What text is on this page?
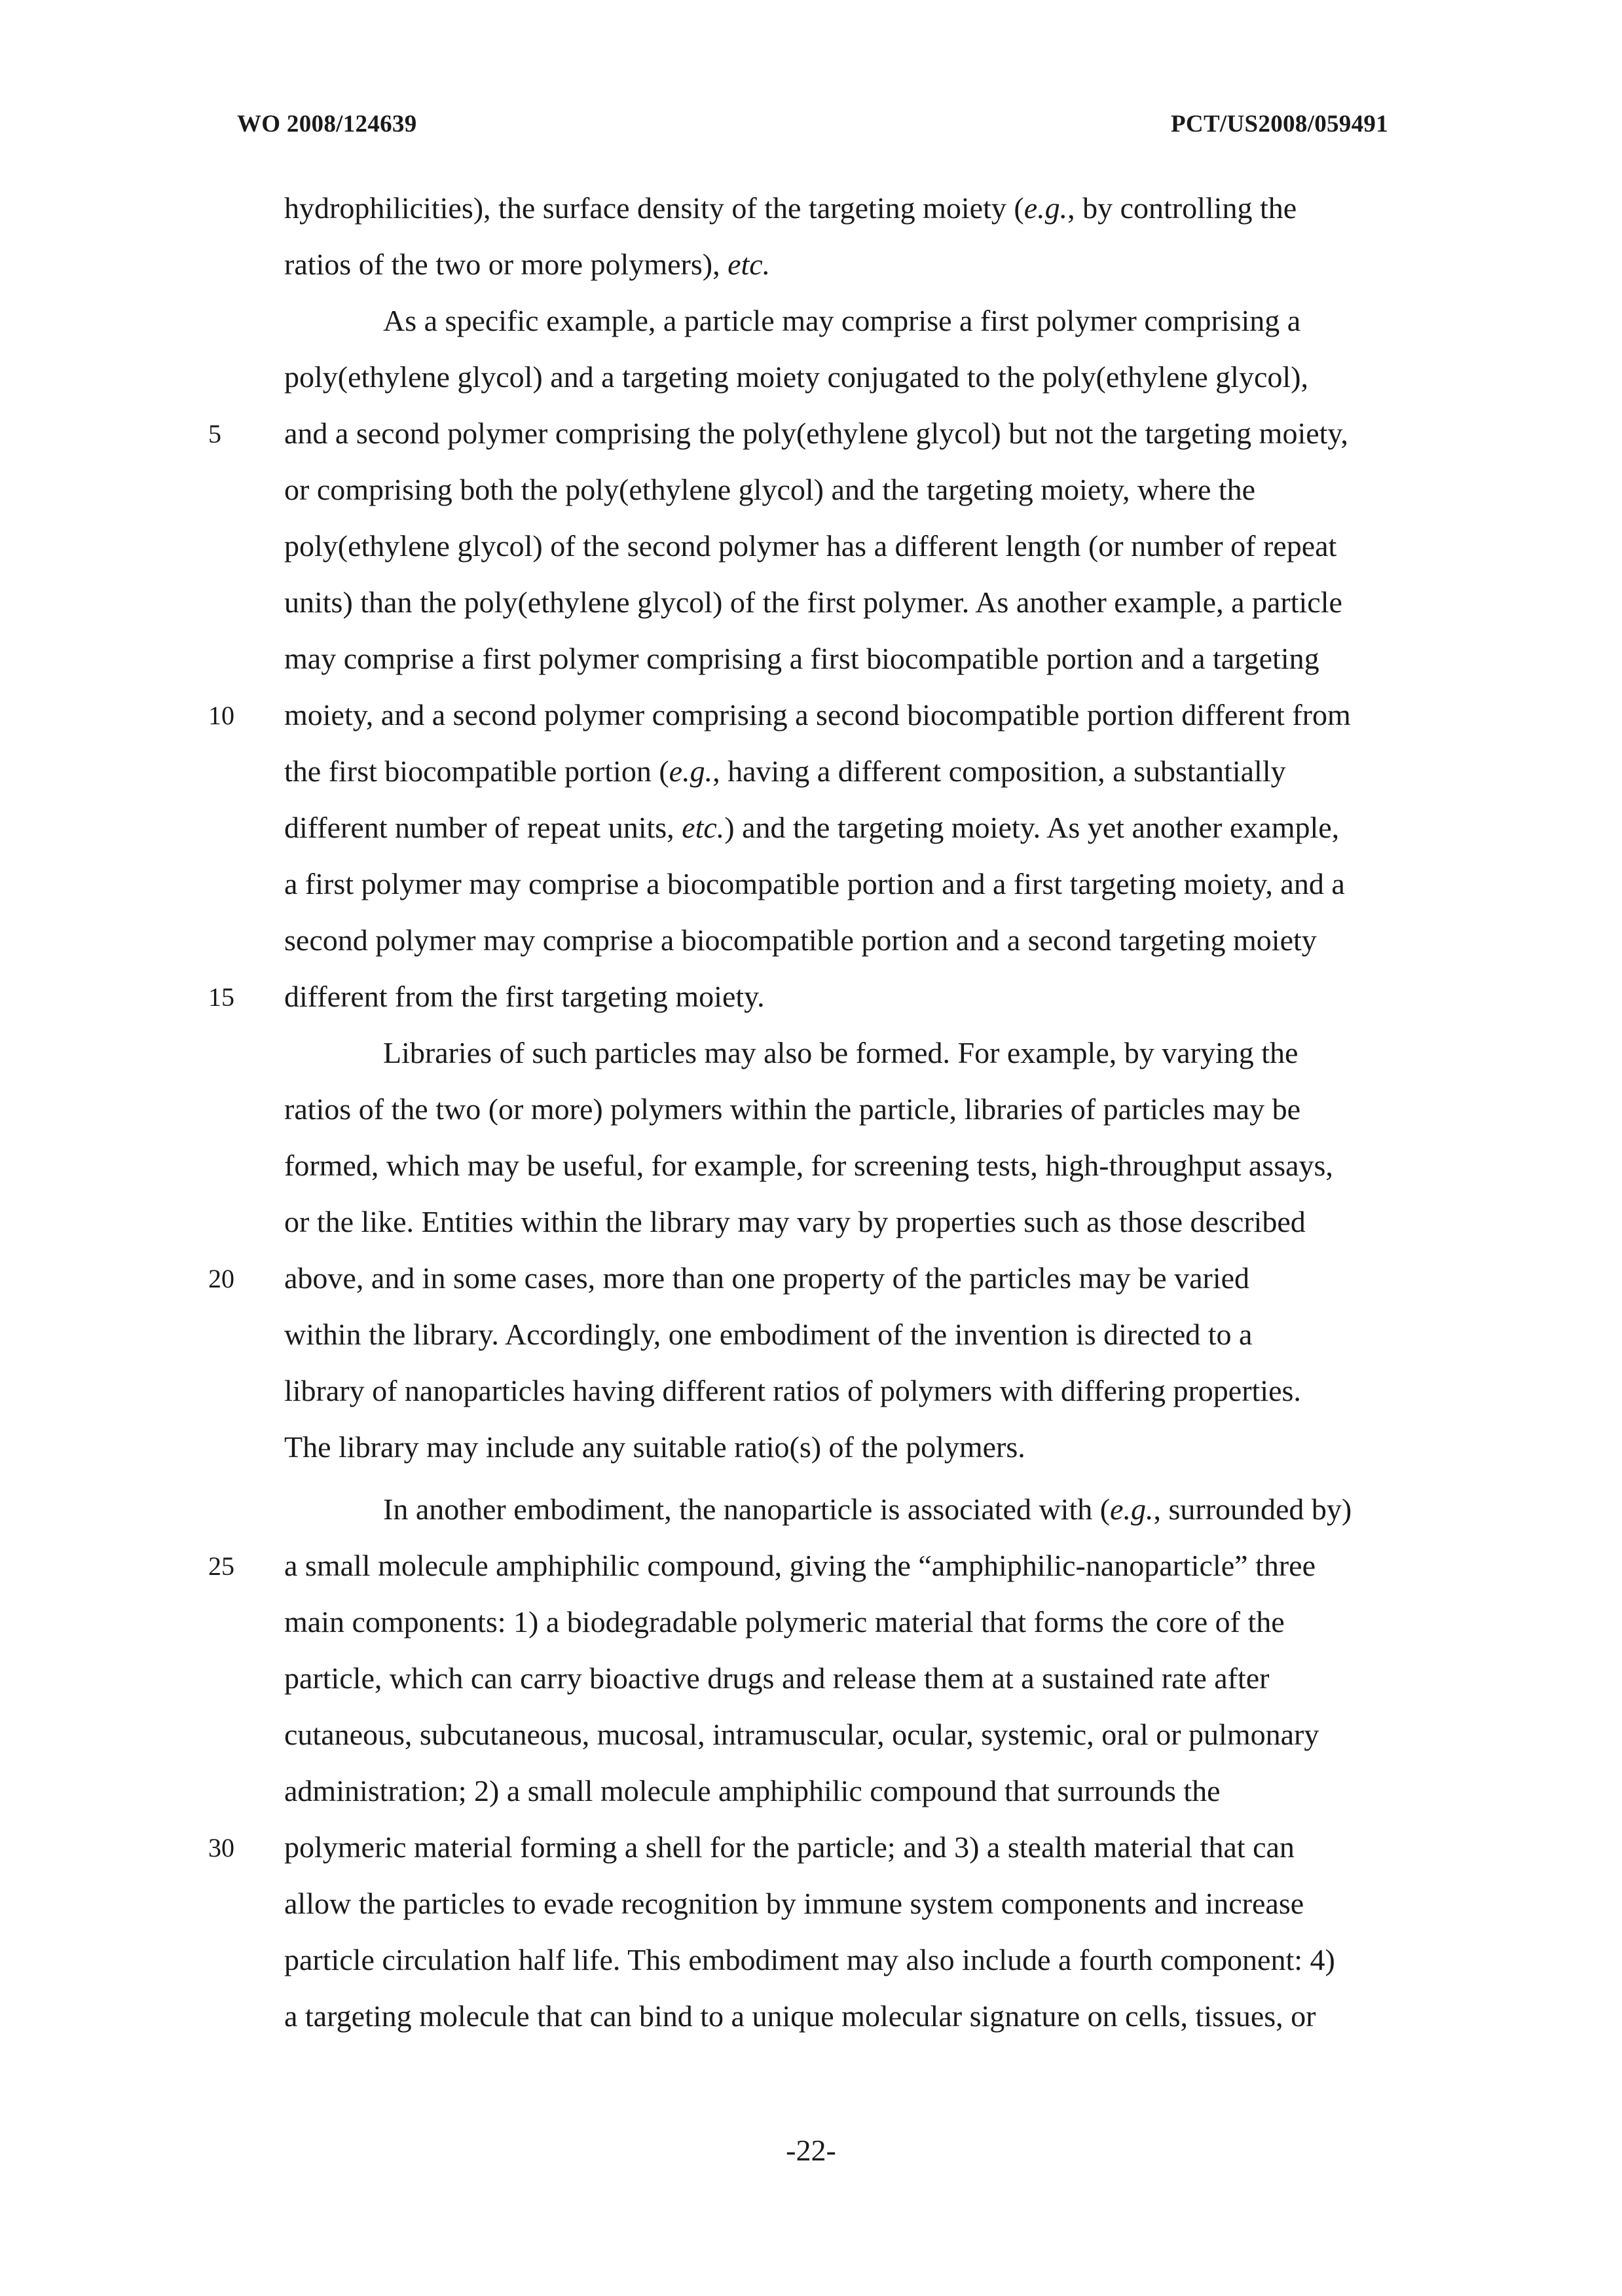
WO 2008/124639	PCT/US2008/059491
hydrophilicities), the surface density of the targeting moiety (e.g., by controlling the
ratios of the two or more polymers), etc.
As a specific example, a particle may comprise a first polymer comprising a
poly(ethylene glycol) and a targeting moiety conjugated to the poly(ethylene glycol),
and a second polymer comprising the poly(ethylene glycol) but not the targeting moiety,
or comprising both the poly(ethylene glycol) and the targeting moiety, where the
poly(ethylene glycol) of the second polymer has a different length (or number of repeat
units) than the poly(ethylene glycol) of the first polymer. As another example, a particle
may comprise a first polymer comprising a first biocompatible portion and a targeting
moiety, and a second polymer comprising a second biocompatible portion different from
the first biocompatible portion (e.g., having a different composition, a substantially
different number of repeat units, etc.) and the targeting moiety. As yet another example,
a first polymer may comprise a biocompatible portion and a first targeting moiety, and a
second polymer may comprise a biocompatible portion and a second targeting moiety
different from the first targeting moiety.
Libraries of such particles may also be formed. For example, by varying the
ratios of the two (or more) polymers within the particle, libraries of particles may be
formed, which may be useful, for example, for screening tests, high-throughput assays,
or the like. Entities within the library may vary by properties such as those described
above, and in some cases, more than one property of the particles may be varied
within the library. Accordingly, one embodiment of the invention is directed to a
library of nanoparticles having different ratios of polymers with differing properties.
The library may include any suitable ratio(s) of the polymers.
In another embodiment, the nanoparticle is associated with (e.g., surrounded by)
a small molecule amphiphilic compound, giving the “amphiphilic-nanoparticle” three
main components: 1) a biodegradable polymeric material that forms the core of the
particle, which can carry bioactive drugs and release them at a sustained rate after
cutaneous, subcutaneous, mucosal, intramuscular, ocular, systemic, oral or pulmonary
administration; 2) a small molecule amphiphilic compound that surrounds the
polymeric material forming a shell for the particle; and 3) a stealth material that can
allow the particles to evade recognition by immune system components and increase
particle circulation half life. This embodiment may also include a fourth component: 4)
a targeting molecule that can bind to a unique molecular signature on cells, tissues, or
5
10
15
20
25
30
-22-
